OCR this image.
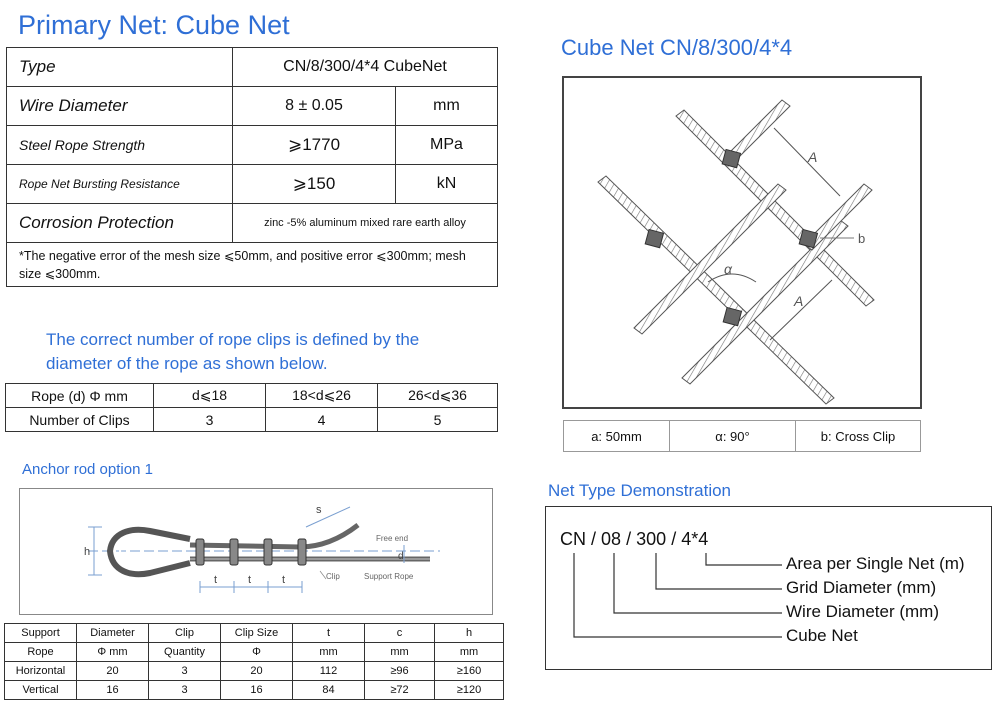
Primary Net: Cube Net
Type	CN/8/300/4*4 CubeNet	
Wire Diameter	8 ± 0.05	mm
Steel Rope Strength	⩾1770	MPa
Rope Net Bursting Resistance	⩾150	kN
Corrosion Protection	zinc -5% aluminum mixed rare earth alloy	
*The negative error of the mesh size ⩽50mm, and positive error ⩽300mm; mesh size ⩽300mm.		
The correct number of rope clips is defined by the diameter of the rope as shown below.
Rope (d) Φ mm	d⩽18	18<d⩽26	26<d⩽36
Number of Clips	3	4	5
Anchor rod option 1
h
t	t	t
s
d
Free end
Clip	Support Rope
Support	Diameter	Clip	Clip Size	t	c	h
Rope	Φ mm	Quantity	Φ	mm	mm	mm
Horizontal	20	3	20	112	≥96	≥160
Vertical	16	3	16	84	≥72	≥120
Cube Net CN/8/300/4*4
A
A
α
b
a: 50mm	α: 90°	b: Cross Clip
Net Type Demonstration
CN / 08 / 300 / 4*4
Area per Single Net (m)
Grid Diameter (mm)
Wire Diameter (mm)
Cube Net
